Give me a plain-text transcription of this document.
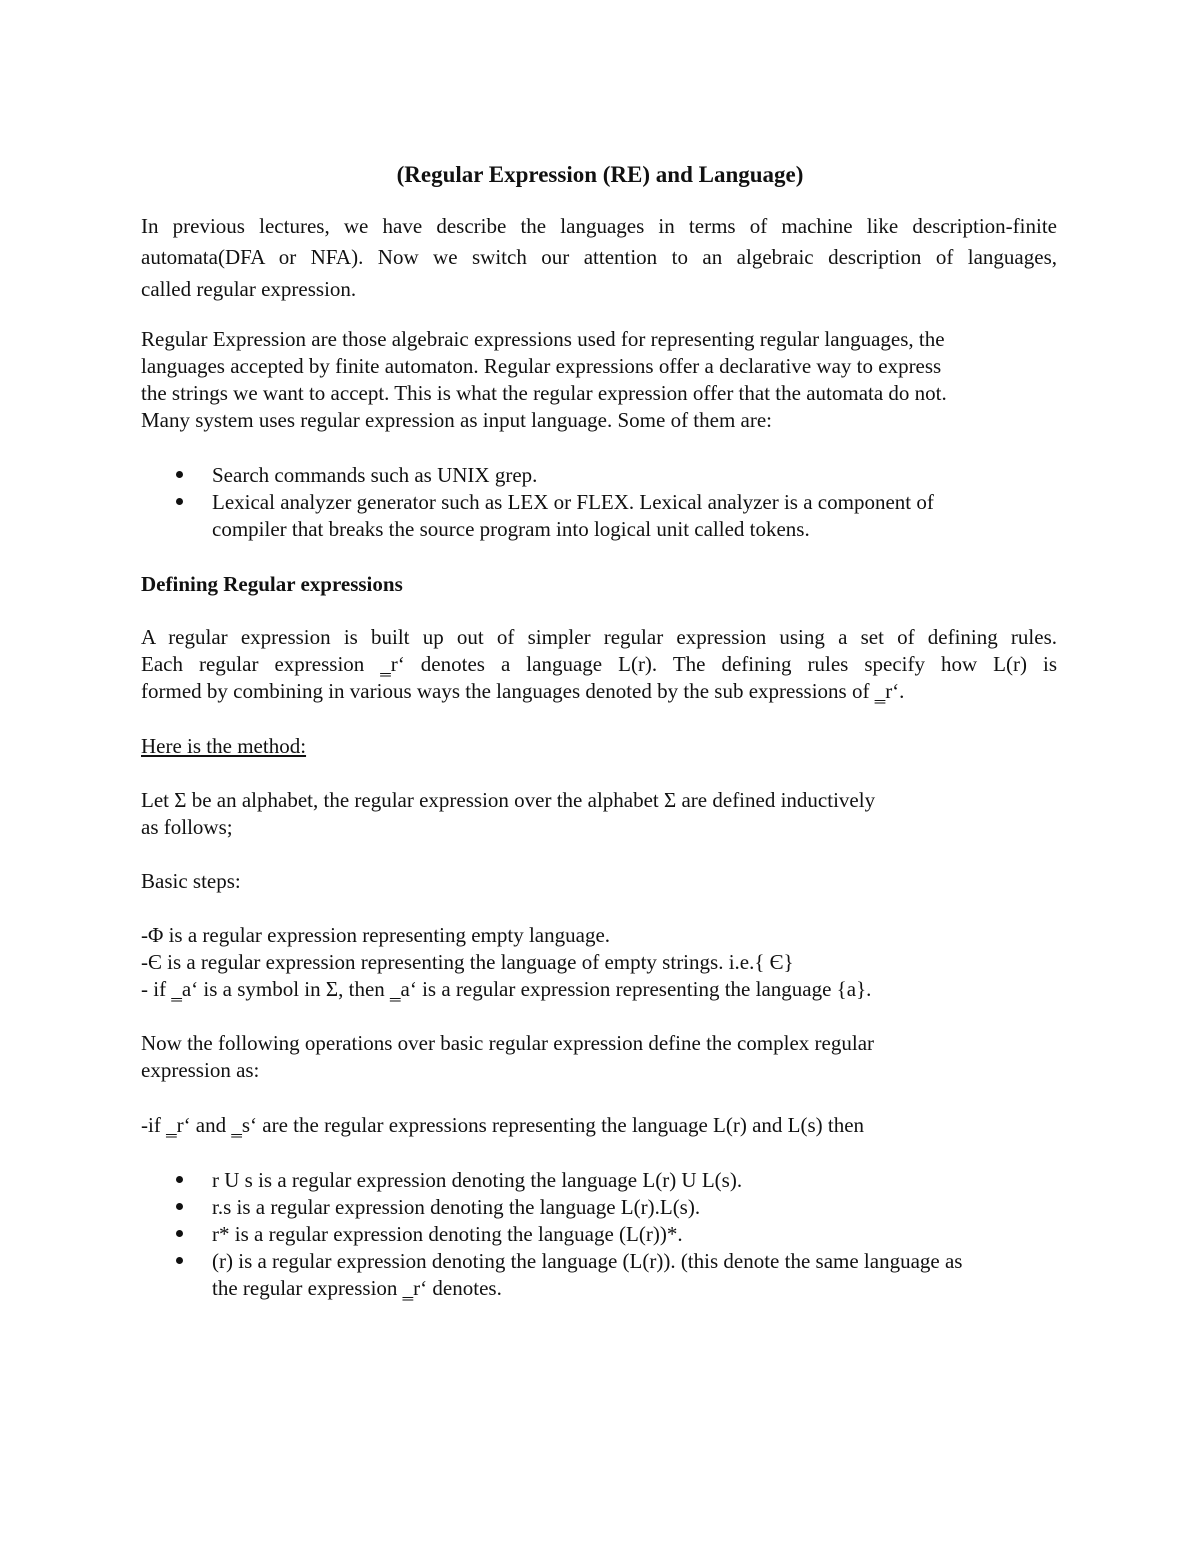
(Regular Expression (RE) and Language)
In previous lectures, we have describe the languages in terms of machine like description-finite
automata(DFA or NFA). Now we switch our attention to an algebraic description of languages,
called regular expression.
Regular Expression are those algebraic expressions used for representing regular languages, the
languages accepted by finite automaton. Regular expressions offer a declarative way to express
the strings we want to accept. This is what the regular expression offer that the automata do not.
Many system uses regular expression as input language. Some of them are:
Search commands such as UNIX grep.
Lexical analyzer generator such as LEX or FLEX. Lexical analyzer is a component of
compiler that breaks the source program into logical unit called tokens.
Defining Regular expressions
A regular expression is built up out of simpler regular expression using a set of defining rules.
Each regular expression ‗r‘ denotes a language L(r). The defining rules specify how L(r) is
formed by combining in various ways the languages denoted by the sub expressions of ‗r‘.
Here is the method:
Let Σ be an alphabet, the regular expression over the alphabet Σ are defined inductively
as follows;
Basic steps:
-Φ is a regular expression representing empty language.
-Є is a regular expression representing the language of empty strings. i.e.{ Є}
- if ‗a‘ is a symbol in Σ, then ‗a‘ is a regular expression representing the language {a}.
Now the following operations over basic regular expression define the complex regular
expression as:
-if ‗r‘ and ‗s‘ are the regular expressions representing the language L(r) and L(s) then
r U s is a regular expression denoting the language L(r) U L(s).
r.s is a regular expression denoting the language L(r).L(s).
r* is a regular expression denoting the language (L(r))*.
(r) is a regular expression denoting the language (L(r)). (this denote the same language as
the regular expression ‗r‘ denotes.
